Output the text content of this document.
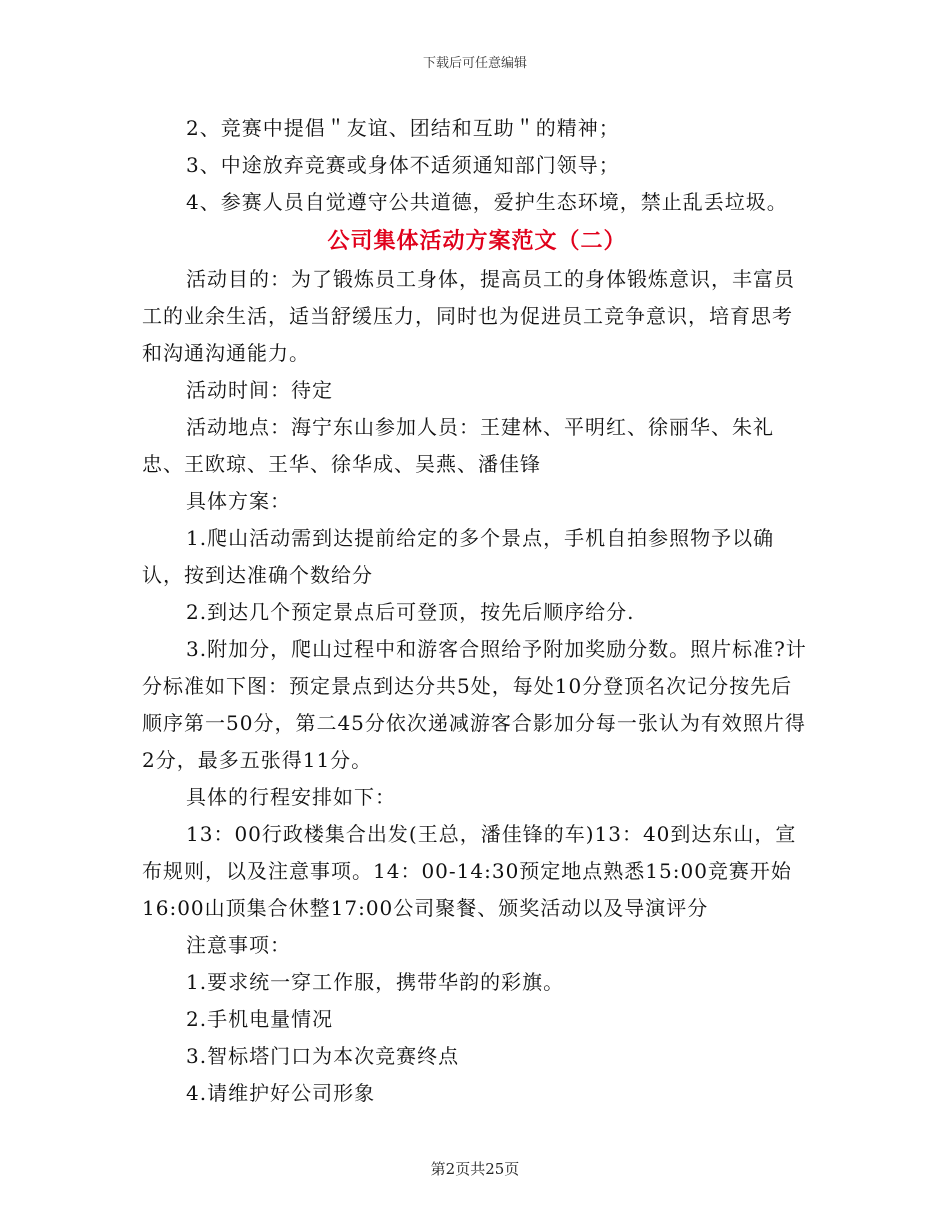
下载后可任意编辑

2、竞赛中提倡＂友谊、团结和互助＂的精神；

3、中途放弃竞赛或身体不适须通知部门领导；

4、参赛人员自觉遵守公共道德，爱护生态环境，禁止乱丢垃圾。

公司集体活动方案范文（二）

活动目的：为了锻炼员工身体，提高员工的身体锻炼意识，丰富员工的业余生活，适当舒缓压力，同时也为促进员工竞争意识，培育思考和沟通沟通能力。

活动时间：待定

活动地点：海宁东山参加人员：王建林、平明红、徐丽华、朱礼忠、王欧琼、王华、徐华成、吴燕、潘佳锋

具体方案：

1.爬山活动需到达提前给定的多个景点，手机自拍参照物予以确认，按到达准确个数给分

2.到达几个预定景点后可登顶，按先后顺序给分.

3.附加分，爬山过程中和游客合照给予附加奖励分数。照片标准?计分标准如下图：预定景点到达分共5处，每处10分登顶名次记分按先后顺序第一50分，第二45分依次递减游客合影加分每一张认为有效照片得2分，最多五张得11分。

具体的行程安排如下：

13：00行政楼集合出发(王总，潘佳锋的车)13：40到达东山，宣布规则，以及注意事项。14：00-14:30预定地点熟悉15:00竞赛开始16:00山顶集合休整17:00公司聚餐、颁奖活动以及导演评分

注意事项：

1.要求统一穿工作服，携带华韵的彩旗。

2.手机电量情况

3.智标塔门口为本次竞赛终点

4.请维护好公司形象

第2页共25页
